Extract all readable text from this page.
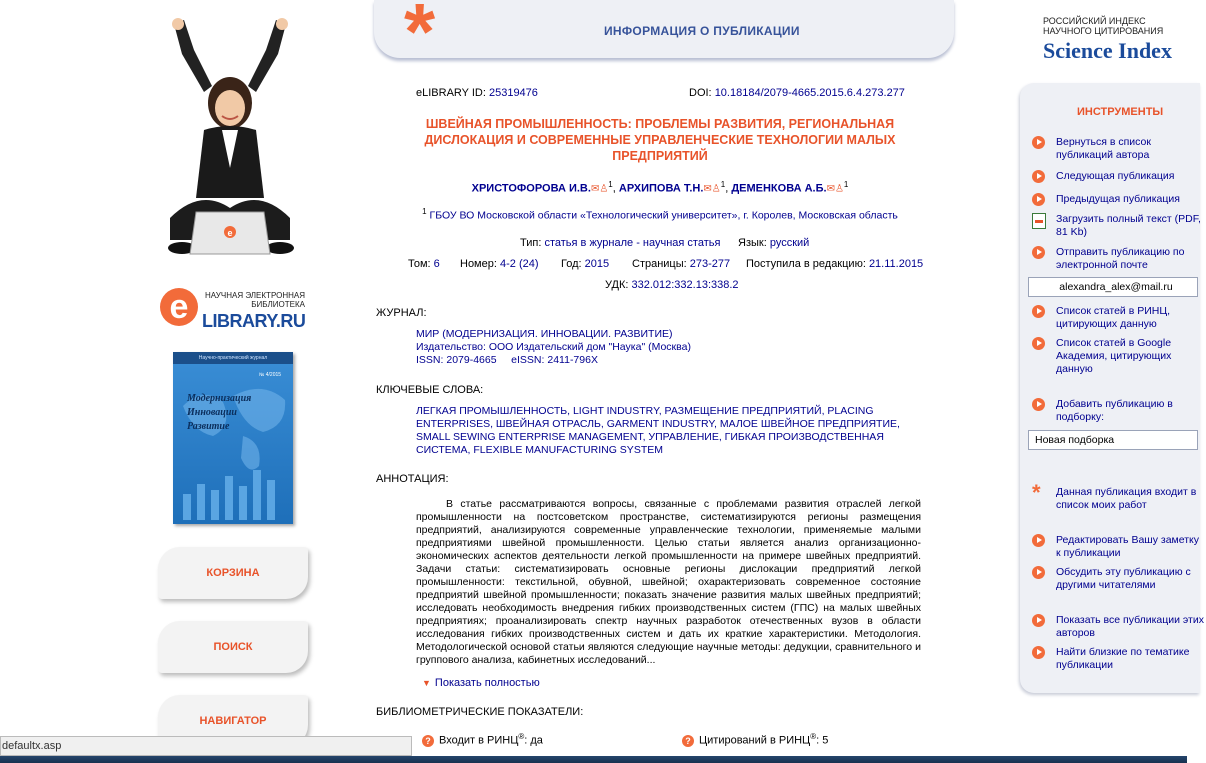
e
e	НАУЧНАЯ ЭЛЕКТРОННАЯ
БИБЛИОТЕКА
LIBRARY.RU
Научно-практический журнал
№ 4/2015
Модернизация
Инновации
Развитие
КОРЗИНА
ПОИСК
НАВИГАТОР
*	ИНФОРМАЦИЯ О ПУБЛИКАЦИИ
РОССИЙСКИЙ ИНДЕКС
НАУЧНОГО ЦИТИРОВАНИЯ
Science Index
eLIBRARY ID: 25319476	DOI: 10.18184/2079-4665.2015.6.4.273.277
ШВЕЙНАЯ ПРОМЫШЛЕННОСТЬ: ПРОБЛЕМЫ РАЗВИТИЯ, РЕГИОНАЛЬНАЯ ДИСЛОКАЦИЯ И СОВРЕМЕННЫЕ УПРАВЛЕНЧЕСКИЕ ТЕХНОЛОГИИ МАЛЫХ ПРЕДПРИЯТИЙ
ХРИСТОФОРОВА И.В.✉♙$^1$, АРХИПОВА Т.Н.✉♙$^1$, ДЕМЕНКОВА А.Б.✉♙$^1$
$^1$ ГБОУ ВО Московской области «Технологический университет», г. Королев, Московская область
Тип: статья в журнале - научная статья Язык: русский
Том: 6 Номер: 4-2 (24) Год: 2015 Страницы: 273-277 Поступила в редакцию: 21.11.2015
УДК: 332.012:332.13:338.2
ЖУРНАЛ:
МИР (МОДЕРНИЗАЦИЯ. ИННОВАЦИИ. РАЗВИТИЕ)
Издательство: ООО Издательский дом "Наука" (Москва)
ISSN: 2079-4665 eISSN: 2411-796X
КЛЮЧЕВЫЕ СЛОВА:
ЛЕГКАЯ ПРОМЫШЛЕННОСТЬ, LIGHT INDUSTRY, РАЗМЕЩЕНИЕ ПРЕДПРИЯТИЙ, PLACING ENTERPRISES, ШВЕЙНАЯ ОТРАСЛЬ, GARMENT INDUSTRY, МАЛОЕ ШВЕЙНОЕ ПРЕДПРИЯТИЕ, SMALL SEWING ENTERPRISE MANAGEMENT, УПРАВЛЕНИЕ, ГИБКАЯ ПРОИЗВОДСТВЕННАЯ СИСТЕМА, FLEXIBLE MANUFACTURING SYSTEM
АННОТАЦИЯ:
В статье рассматриваются вопросы, связанные с проблемами развития отраслей легкой промышленности на постсоветском пространстве, систематизируются регионы размещения предприятий, анализируются современные управленческие технологии, применяемые малыми предприятиями швейной промышленности. Целью статьи является анализ организационно-экономических аспектов деятельности легкой промышленности на примере швейных предприятий. Задачи статьи: систематизировать основные регионы дислокации предприятий легкой промышленности: текстильной, обувной, швейной; охарактеризовать современное состояние предприятий швейной промышленности; показать значение развития малых швейных предприятий; исследовать необходимость внедрения гибких производственных систем (ГПС) на малых швейных предприятиях; проанализировать спектр научных разработок отечественных вузов в области исследования гибких производственных систем и дать их краткие характеристики. Методология. Методологической основой статьи являются следующие научные методы: дедукции, сравнительного и группового анализа, кабинетных исследований...
▼ Показать полностью
БИБЛИОМЕТРИЧЕСКИЕ ПОКАЗАТЕЛИ:
? Входит в РИНЦ®: да	? Цитирований в РИНЦ®: 5
ИНСТРУМЕНТЫ
Вернуться в список публикаций автора
Следующая публикация
Предыдущая публикация
Загрузить полный текст (PDF, 81 Kb)
Отправить публикацию по электронной почте
alexandra_alex@mail.ru
Список статей в РИНЦ, цитирующих данную
Список статей в Google Академия, цитирующих данную
Добавить публикацию в подборку:
Новая подборка
* Данная публикация входит в список моих работ
Редактировать Вашу заметку к публикации
Обсудить эту публикацию с другими читателями
Показать все публикации этих авторов
Найти близкие по тематике публикации
defaultx.asp
